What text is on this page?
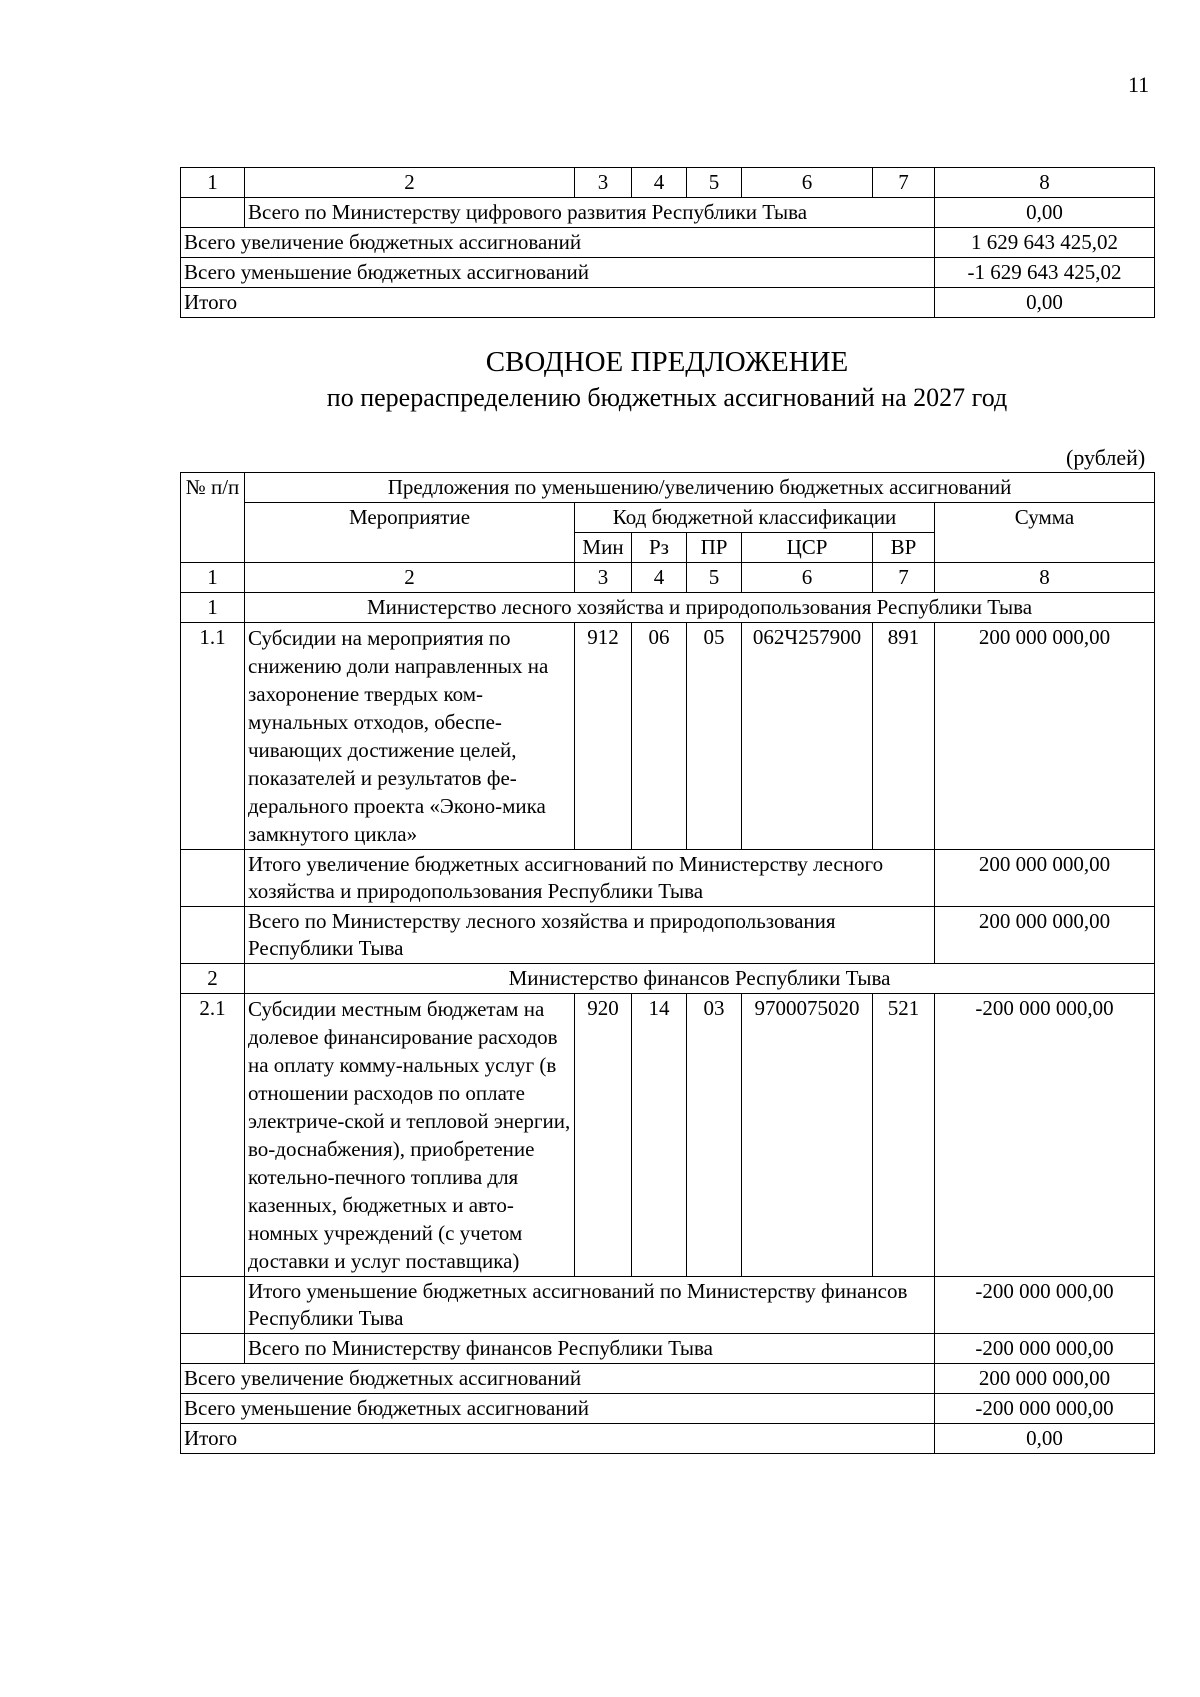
11
1	2	3	4	5	6	7	8
	Всего по Министерству цифрового развития Республики Тыва						0,00
Всего увеличение бюджетных ассигнований							1 629 643 425,02
Всего уменьшение бюджетных ассигнований							-1 629 643 425,02
Итого							0,00
СВОДНОЕ ПРЕДЛОЖЕНИЕ
по перераспределению бюджетных ассигнований на 2027 год
(рублей)
№ п/п	Предложения по уменьшению/увеличению бюджетных ассигнований						
	Мероприятие	Код бюджетной классификации					Сумма
		Мин	Рз	ПР	ЦСР	ВР	
1	2	3	4	5	6	7	8
1	Министерство лесного хозяйства и природопользования Республики Тыва						
1.1	Субсидии на мероприятия по снижению доли направленных на захоронение твердых ком-мунальных отходов, обеспе-чивающих достижение целей, показателей и результатов фе-дерального проекта «Эконо-мика замкнутого цикла»	912	06	05	062Ч257900	891	200 000 000,00
	Итого увеличение бюджетных ассигнований по Министерству лесного хозяйства и природопользования Республики Тыва						200 000 000,00
	Всего по Министерству лесного хозяйства и природопользования Республики Тыва						200 000 000,00
2	Министерство финансов Республики Тыва						
2.1	Субсидии местным бюджетам на долевое финансирование расходов на оплату комму-нальных услуг (в отношении расходов по оплате электриче-ской и тепловой энергии, во-доснабжения), приобретение котельно-печного топлива для казенных, бюджетных и авто-номных учреждений (с учетом доставки и услуг поставщика)	920	14	03	9700075020	521	-200 000 000,00
	Итого уменьшение бюджетных ассигнований по Министерству финансов Республики Тыва						-200 000 000,00
	Всего по Министерству финансов Республики Тыва						-200 000 000,00
Всего увеличение бюджетных ассигнований							200 000 000,00
Всего уменьшение бюджетных ассигнований							-200 000 000,00
Итого							0,00
